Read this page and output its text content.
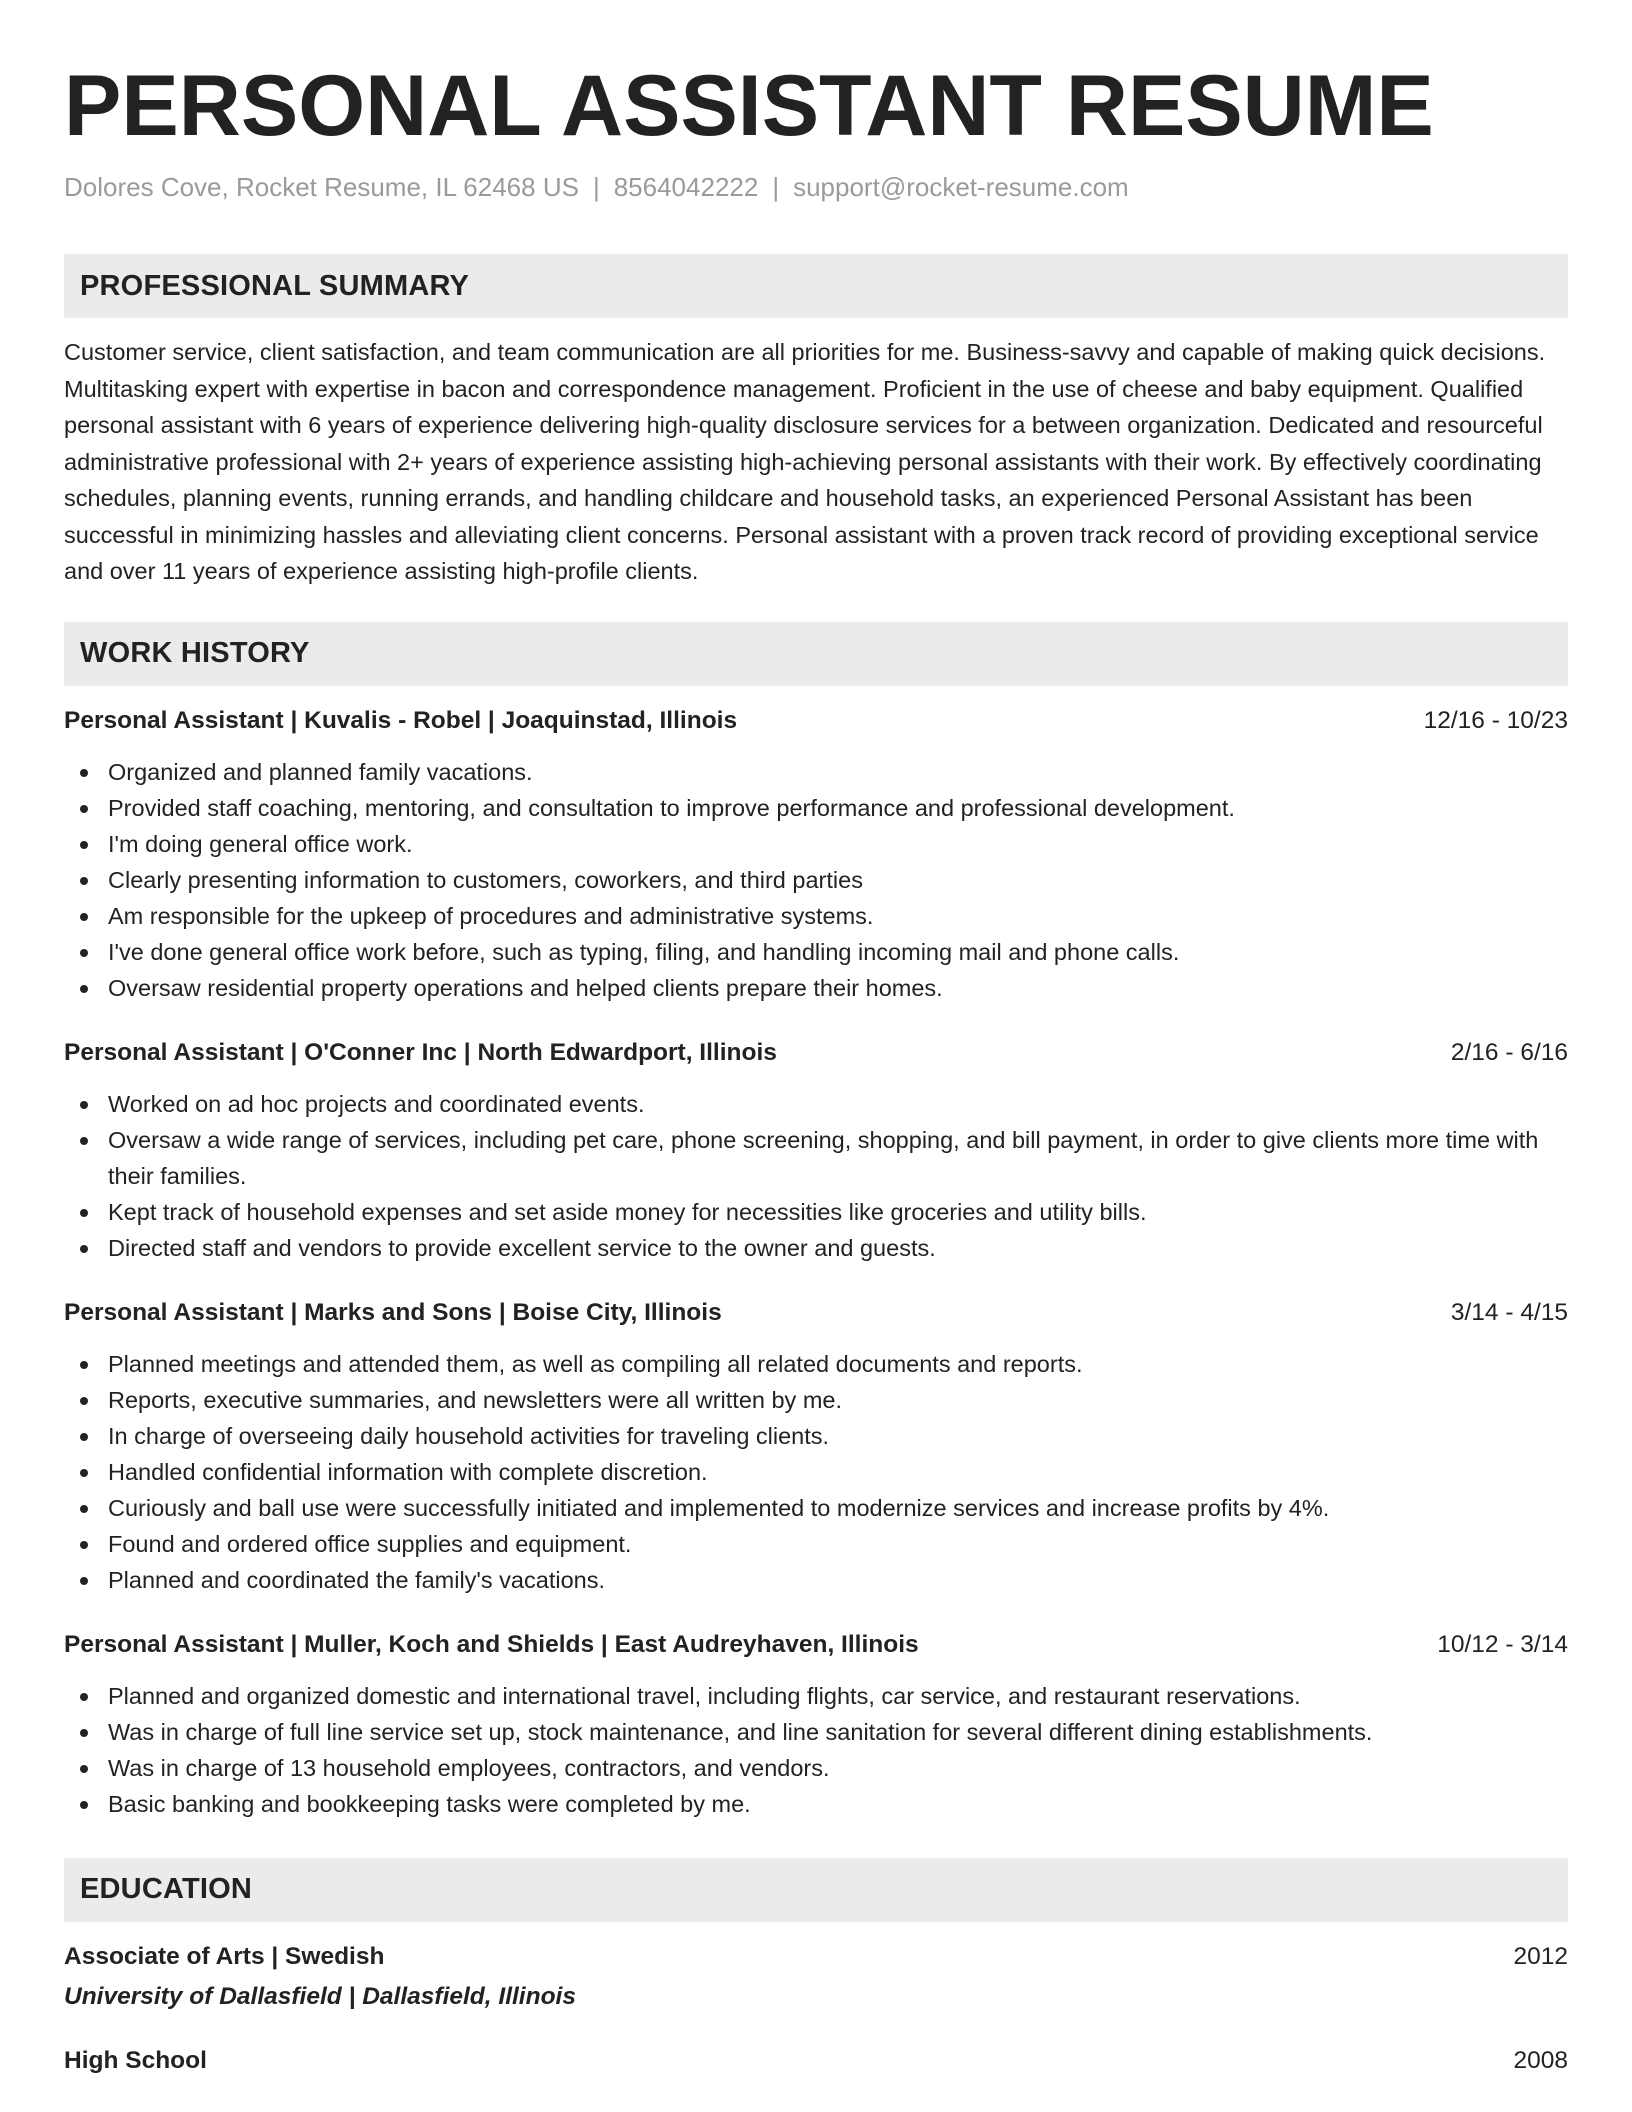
PERSONAL ASSISTANT RESUME
Dolores Cove, Rocket Resume, IL 62468 US | 8564042222 | support@rocket-resume.com
PROFESSIONAL SUMMARY

Customer service, client satisfaction, and team communication are all priorities for me. Business-savvy and capable of making quick decisions. Multitasking expert with expertise in bacon and correspondence management. Proficient in the use of cheese and baby equipment. Qualified personal assistant with 6 years of experience delivering high-quality disclosure services for a between organization. Dedicated and resourceful administrative professional with 2+ years of experience assisting high-achieving personal assistants with their work. By effectively coordinating schedules, planning events, running errands, and handling childcare and household tasks, an experienced Personal Assistant has been successful in minimizing hassles and alleviating client concerns. Personal assistant with a proven track record of providing exceptional service and over 11 years of experience assisting high-profile clients.

WORK HISTORY
Personal Assistant | Kuvalis - Robel | Joaquinstad, Illinois	12/16 - 10/23
Organized and planned family vacations.
Provided staff coaching, mentoring, and consultation to improve performance and professional development.
I'm doing general office work.
Clearly presenting information to customers, coworkers, and third parties
Am responsible for the upkeep of procedures and administrative systems.
I've done general office work before, such as typing, filing, and handling incoming mail and phone calls.
Oversaw residential property operations and helped clients prepare their homes.
Personal Assistant | O'Conner Inc | North Edwardport, Illinois	2/16 - 6/16
Worked on ad hoc projects and coordinated events.
Oversaw a wide range of services, including pet care, phone screening, shopping, and bill payment, in order to give clients more time with their families.
Kept track of household expenses and set aside money for necessities like groceries and utility bills.
Directed staff and vendors to provide excellent service to the owner and guests.
Personal Assistant | Marks and Sons | Boise City, Illinois	3/14 - 4/15
Planned meetings and attended them, as well as compiling all related documents and reports.
Reports, executive summaries, and newsletters were all written by me.
In charge of overseeing daily household activities for traveling clients.
Handled confidential information with complete discretion.
Curiously and ball use were successfully initiated and implemented to modernize services and increase profits by 4%.
Found and ordered office supplies and equipment.
Planned and coordinated the family's vacations.
Personal Assistant | Muller, Koch and Shields | East Audreyhaven, Illinois	10/12 - 3/14
Planned and organized domestic and international travel, including flights, car service, and restaurant reservations.
Was in charge of full line service set up, stock maintenance, and line sanitation for several different dining establishments.
Was in charge of 13 household employees, contractors, and vendors.
Basic banking and bookkeeping tasks were completed by me.
EDUCATION
Associate of Arts | Swedish	2012
University of Dallasfield | Dallasfield, Illinois
High School	2008
